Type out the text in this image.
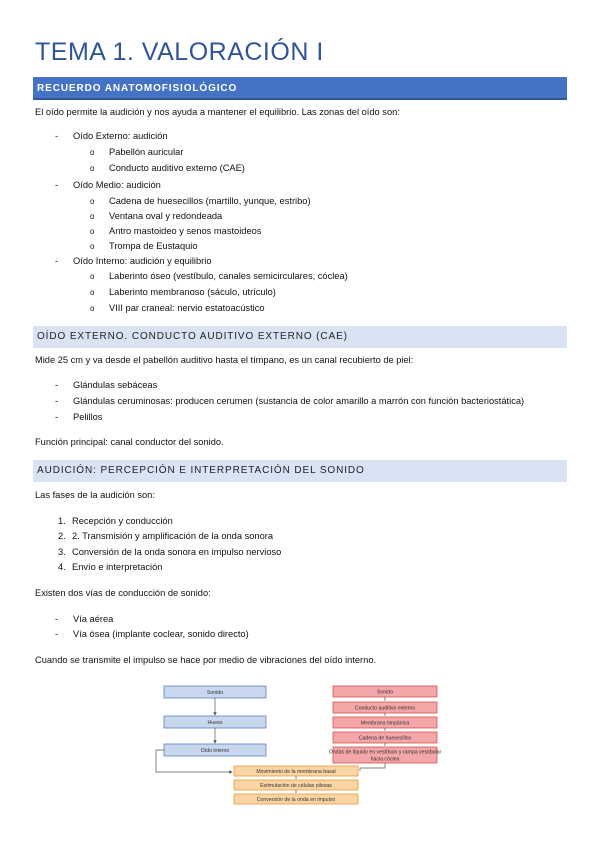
TEMA 1. VALORACIÓN I
RECUERDO ANATOMOFISIOLÓGICO

El oído permite la audición y nos ayuda a mantener el equilibrio. Las zonas del oído son:

- Oído Externo: audición
o Pabellón auricular
o Conducto auditivo externo (CAE)
- Oído Medio: audición
o Cadena de huesecillos (martillo, yunque, estribo)
o Ventana oval y redondeada
o Antro mastoideo y senos mastoideos
o Trompa de Eustaquio
- Oído Interno: audición y equilibrio
o Laberinto óseo (vestíbulo, canales semicirculares, cóclea)
o Laberinto membranoso (sáculo, utrículo)
o VIII par craneal: nervio estatoacústico
OÍDO EXTERNO. CONDUCTO AUDITIVO EXTERNO (CAE)

Mide 25 cm y va desde el pabellón auditivo hasta el tímpano, es un canal recubierto de piel:

- Glándulas sebáceas
- Glándulas ceruminosas: producen cerumen (sustancia de color amarillo a marrón con función bacteriostática)
- Pelillos

Función principal: canal conductor del sonido.

AUDICIÓN: PERCEPCIÓN E INTERPRETACIÓN DEL SONIDO

Las fases de la audición son:

1. Recepción y conducción
2. 2. Transmisión y amplificación de la onda sonora
3. Conversión de la onda sonora en impulso nervioso
4. Envío e interpretación

Existen dos vías de conducción de sonido:

- Vía aérea
- Vía ósea (implante coclear, sonido directo)

Cuando se transmite el impulso se hace por medio de vibraciones del oído interno.

Sonido
Hueso
Oído interno
Sonido
Conducto auditivo externo
Membrana timpánica
Cadena de huesecillos
Ondas de líquido en vestíbulo y rampa vestibular
hacia cóclea
Movimiento de la membrana basal
Estimulación de células pilosas
Conversión de la onda en impulso
